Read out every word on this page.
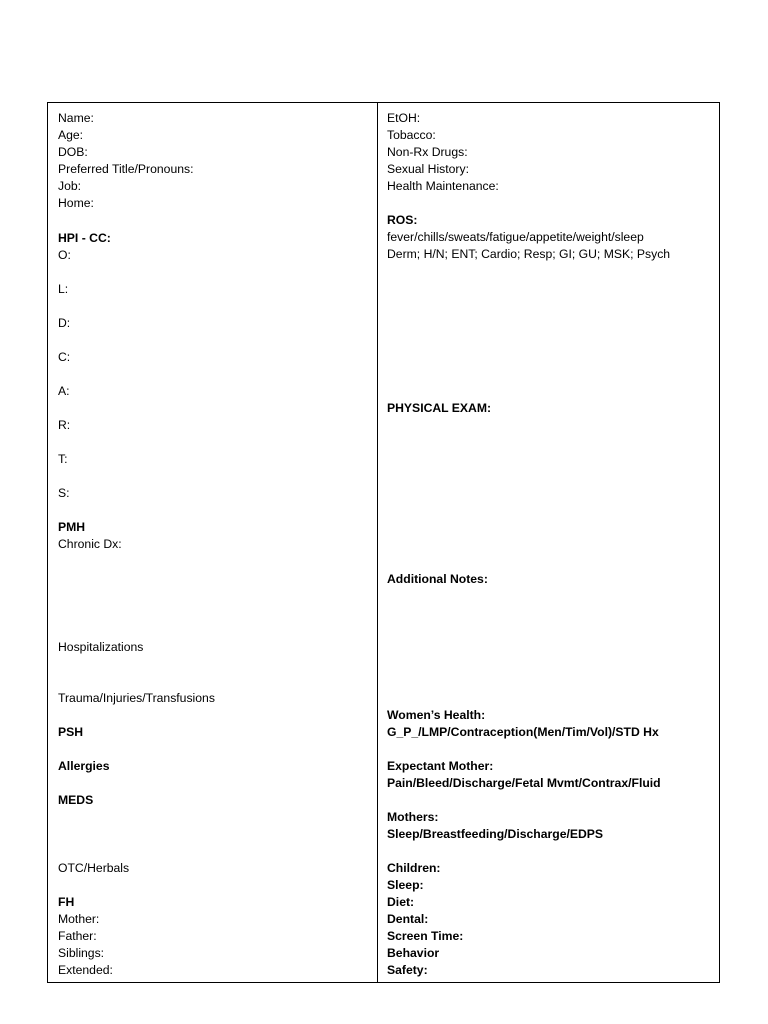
Name:
Age:
DOB:
Preferred Title/Pronouns:
Job:
Home:
HPI - CC:
O:
L:
D:
C:
A:
R:
T:
S:
PMH
Chronic Dx:
Hospitalizations
Trauma/Injuries/Transfusions
PSH
Allergies
MEDS
OTC/Herbals
FH
Mother:
Father:
Siblings:
Extended:
EtOH:
Tobacco:
Non-Rx Drugs:
Sexual History:
Health Maintenance:
ROS:
fever/chills/sweats/fatigue/appetite/weight/sleep
Derm; H/N; ENT; Cardio; Resp; GI; GU; MSK; Psych
PHYSICAL EXAM:
Additional Notes:
Women’s Health:
G_P_/LMP/Contraception(Men/Tim/Vol)/STD Hx
Expectant Mother:
Pain/Bleed/Discharge/Fetal Mvmt/Contrax/Fluid
Mothers:
Sleep/Breastfeeding/Discharge/EDPS
Children:
Sleep:
Diet:
Dental:
Screen Time:
Behavior
Safety:
